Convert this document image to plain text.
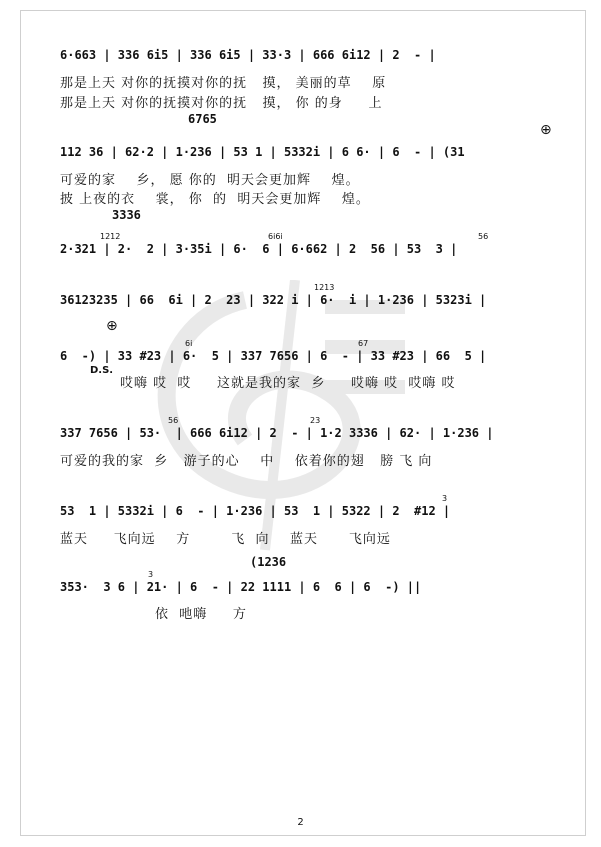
6·663 | 336 6i5 | 336 6i5 | 33·3 | 666 6i12 | 2  - |
那是上天 对你的抚摸对你的抚   摸， 美丽的草    原
那是上天 对你的抚摸对你的抚   摸， 你 的身     上
6765
112 36 | 62·2 | 1·236 | 53 1 | 5332i | 6 6· | 6  - | (31
⊕
可爱的家    乡， 愿 你的  明天会更加辉    煌。
披 上夜的衣    裳， 你  的  明天会更加辉    煌。
3336
1212	6i6i	56
2·321 | 2·  2 | 3·35i | 6·  6 | 6·662 | 2  56 | 53  3 |
1213
36123235 | 66  6i | 2  23 | 322 i | 6·  i | 1·236 | 5323i |
⊕
6i	67
6  -) | 33 #23 | 6·  5 | 337 7656 | 6  - | 33 #23 | 66  5 |
D.S.
哎嗨 哎  哎     这就是我的家  乡     哎嗨 哎  哎嗨 哎
56	23
337 7656 | 53·  | 666 6i12 | 2  - | 1·2 3336 | 62· | 1·236 |
可爱的我的家  乡   游子的心    中    依着你的翅   膀 飞 向
3
53  1 | 5332i | 6  - | 1·236 | 53  1 | 5322 | 2  #12 |
蓝天     飞向远    方        飞  向    蓝天      飞向远
(1236
3
353·  3 6 | 21· | 6  - | 22 1111 | 6  6 | 6  -) ||
依  吔嗨     方
2
